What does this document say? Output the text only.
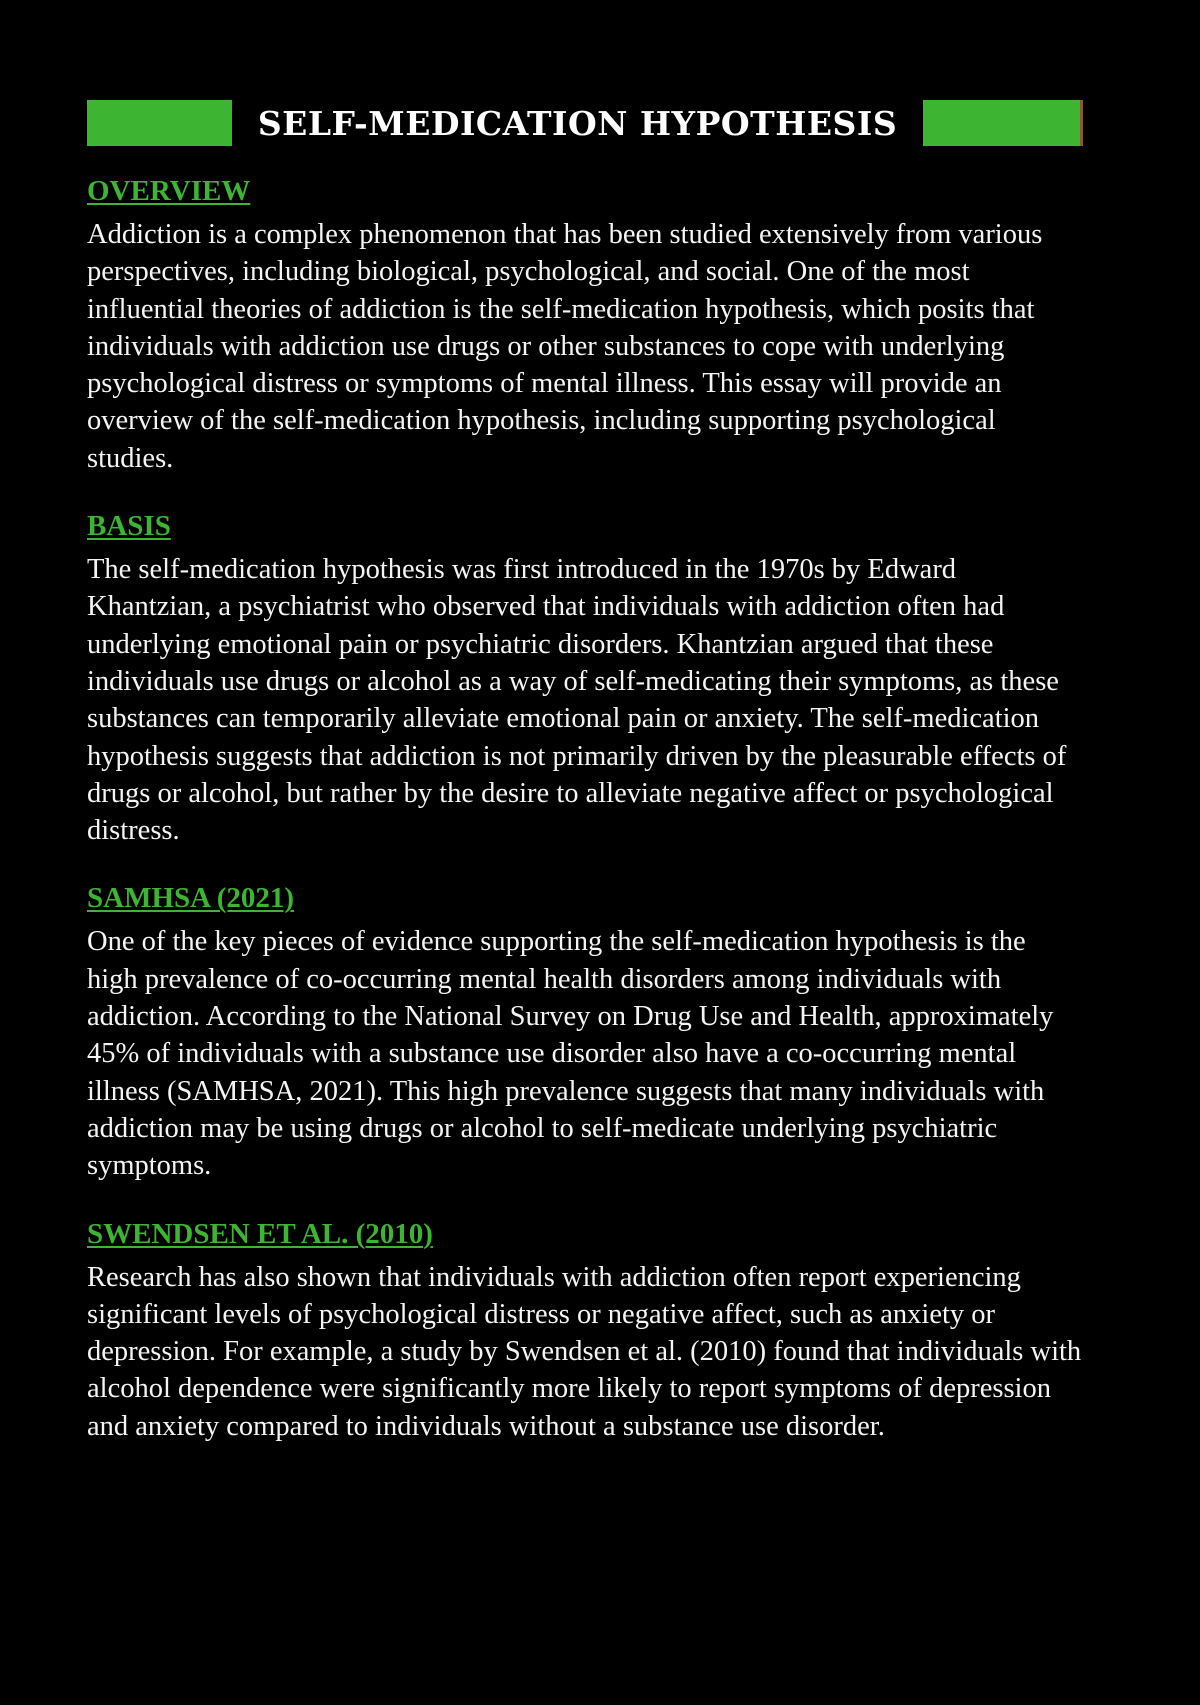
SELF-MEDICATION HYPOTHESIS
OVERVIEW

Addiction is a complex phenomenon that has been studied extensively from various perspectives, including biological, psychological, and social. One of the most influential theories of addiction is the self-medication hypothesis, which posits that individuals with addiction use drugs or other substances to cope with underlying psychological distress or symptoms of mental illness. This essay will provide an overview of the self-medication hypothesis, including supporting psychological studies.

BASIS

The self-medication hypothesis was first introduced in the 1970s by Edward Khantzian, a psychiatrist who observed that individuals with addiction often had underlying emotional pain or psychiatric disorders. Khantzian argued that these individuals use drugs or alcohol as a way of self-medicating their symptoms, as these substances can temporarily alleviate emotional pain or anxiety. The self-medication hypothesis suggests that addiction is not primarily driven by the pleasurable effects of drugs or alcohol, but rather by the desire to alleviate negative affect or psychological distress.

SAMHSA (2021)

One of the key pieces of evidence supporting the self-medication hypothesis is the high prevalence of co-occurring mental health disorders among individuals with addiction. According to the National Survey on Drug Use and Health, approximately 45% of individuals with a substance use disorder also have a co-occurring mental illness (SAMHSA, 2021). This high prevalence suggests that many individuals with addiction may be using drugs or alcohol to self-medicate underlying psychiatric symptoms.

SWENDSEN ET AL. (2010)

Research has also shown that individuals with addiction often report experiencing significant levels of psychological distress or negative affect, such as anxiety or depression. For example, a study by Swendsen et al. (2010) found that individuals with alcohol dependence were significantly more likely to report symptoms of depression and anxiety compared to individuals without a substance use disorder.
